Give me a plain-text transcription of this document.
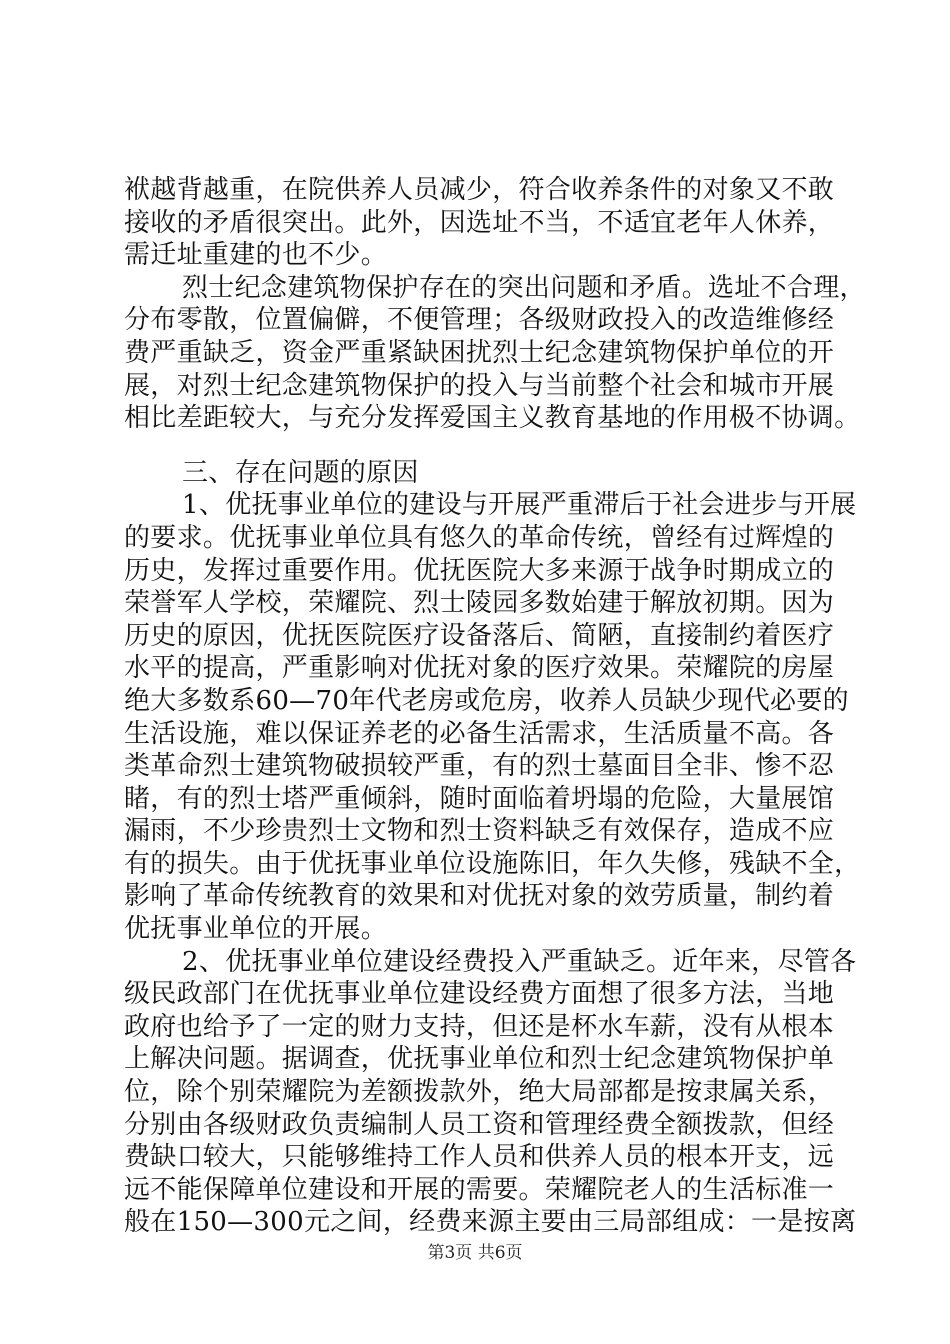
袱越背越重，在院供养人员减少，符合收养条件的对象又不敢
接收的矛盾很突出。此外，因选址不当，不适宜老年人休养，
需迁址重建的也不少。
烈士纪念建筑物保护存在的突出问题和矛盾。选址不合理，
分布零散，位置偏僻，不便管理；各级财政投入的改造维修经
费严重缺乏，资金严重紧缺困扰烈士纪念建筑物保护单位的开
展，对烈士纪念建筑物保护的投入与当前整个社会和城市开展
相比差距较大，与充分发挥爱国主义教育基地的作用极不协调。
三、存在问题的原因
1、优抚事业单位的建设与开展严重滞后于社会进步与开展
的要求。优抚事业单位具有悠久的革命传统，曾经有过辉煌的
历史，发挥过重要作用。优抚医院大多来源于战争时期成立的
荣誉军人学校，荣耀院、烈士陵园多数始建于解放初期。因为
历史的原因，优抚医院医疗设备落后、简陋，直接制约着医疗
水平的提高，严重影响对优抚对象的医疗效果。荣耀院的房屋
绝大多数系60—70年代老房或危房，收养人员缺少现代必要的
生活设施，难以保证养老的必备生活需求，生活质量不高。各
类革命烈士建筑物破损较严重，有的烈士墓面目全非、惨不忍
睹，有的烈士塔严重倾斜，随时面临着坍塌的危险，大量展馆
漏雨，不少珍贵烈士文物和烈士资料缺乏有效保存，造成不应
有的损失。由于优抚事业单位设施陈旧，年久失修，残缺不全，
影响了革命传统教育的效果和对优抚对象的效劳质量，制约着
优抚事业单位的开展。
2、优抚事业单位建设经费投入严重缺乏。近年来，尽管各
级民政部门在优抚事业单位建设经费方面想了很多方法，当地
政府也给予了一定的财力支持，但还是杯水车薪，没有从根本
上解决问题。据调查，优抚事业单位和烈士纪念建筑物保护单
位，除个别荣耀院为差额拨款外，绝大局部都是按隶属关系，
分别由各级财政负责编制人员工资和管理经费全额拨款，但经
费缺口较大，只能够维持工作人员和供养人员的根本开支，远
远不能保障单位建设和开展的需要。荣耀院老人的生活标准一
般在150—300元之间，经费来源主要由三局部组成：一是按离
第3页 共6页
